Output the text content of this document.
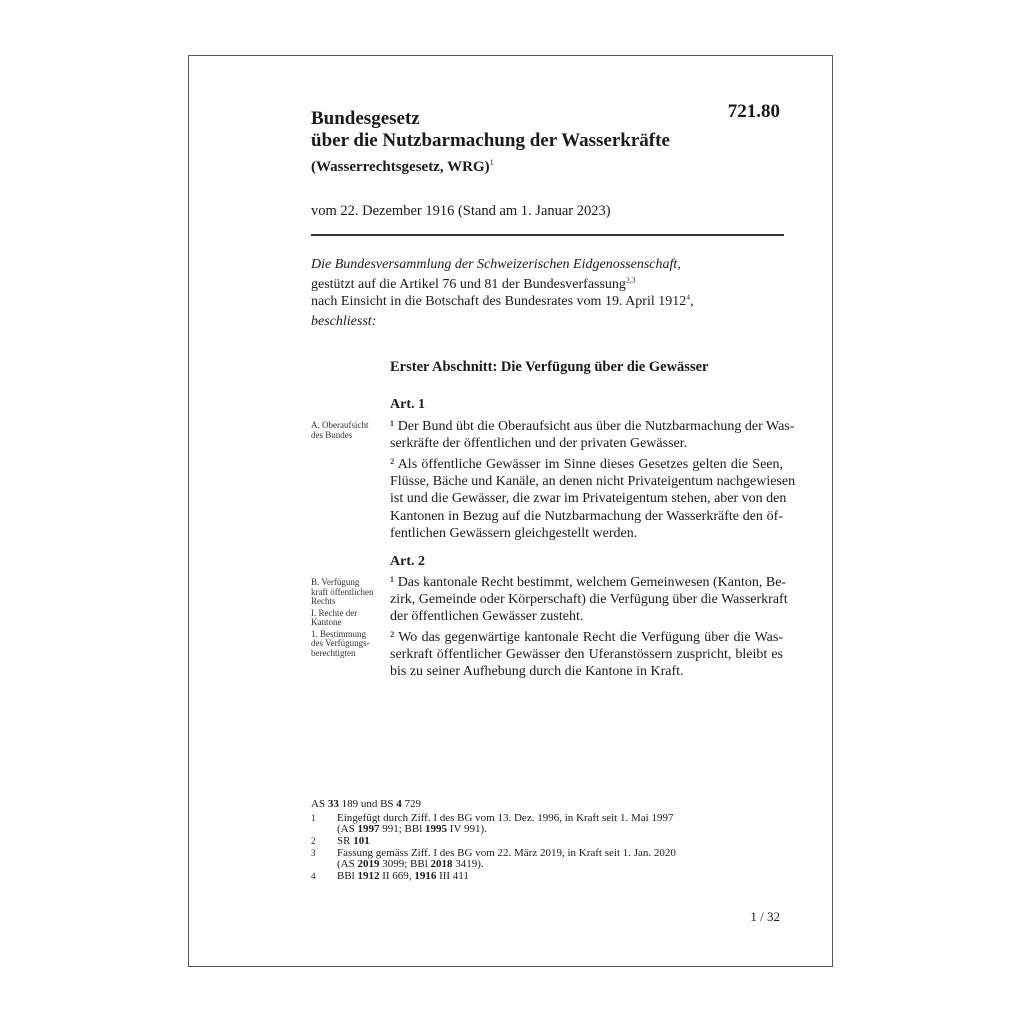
721.80
Bundesgesetz
über die Nutzbarmachung der Wasserkräfte
(Wasserrechtsgesetz, WRG)$^1$
vom 22. Dezember 1916 (Stand am 1. Januar 2023)
Die Bundesversammlung der Schweizerischen Eidgenossenschaft,
gestützt auf die Artikel 76 und 81 der Bundesverfassung$^{2,3}$
nach Einsicht in die Botschaft des Bundesrates vom 19. April 1912$^4$,
beschliesst:
Erster Abschnitt: Die Verfügung über die Gewässer
Art. 1
A. Oberaufsicht
des Bundes
¹ Der Bund übt die Oberaufsicht aus über die Nutzbarmachung der Was-
serkräfte der öffentlichen und der privaten Gewässer.
² Als öffentliche Gewässer im Sinne dieses Gesetzes gelten die Seen,
Flüsse, Bäche und Kanäle, an denen nicht Privateigentum nachgewiesen
ist und die Gewässer, die zwar im Privateigentum stehen, aber von den
Kantonen in Bezug auf die Nutzbarmachung der Wasserkräfte den öf-
fentlichen Gewässern gleichgestellt werden.
Art. 2
B. Verfügung
kraft öffentlichen
Rechts
I. Rechte der
Kantone
1. Bestimmung
des Verfügungs-
berechtigten
¹ Das kantonale Recht bestimmt, welchem Gemeinwesen (Kanton, Be-
zirk, Gemeinde oder Körperschaft) die Verfügung über die Wasserkraft
der öffentlichen Gewässer zusteht.
² Wo das gegenwärtige kantonale Recht die Verfügung über die Was-
serkraft öffentlicher Gewässer den Uferanstössern zuspricht, bleibt es
bis zu seiner Aufhebung durch die Kantone in Kraft.
AS 33 189 und BS 4 729
1 Eingefügt durch Ziff. I des BG vom 13. Dez. 1996, in Kraft seit 1. Mai 1997
(AS 1997 991; BBl 1995 IV 991).
2 SR 101
3 Fassung gemäss Ziff. I des BG vom 22. März 2019, in Kraft seit 1. Jan. 2020
(AS 2019 3099; BBl 2018 3419).
4 BBl 1912 II 669, 1916 III 411
1 / 32
